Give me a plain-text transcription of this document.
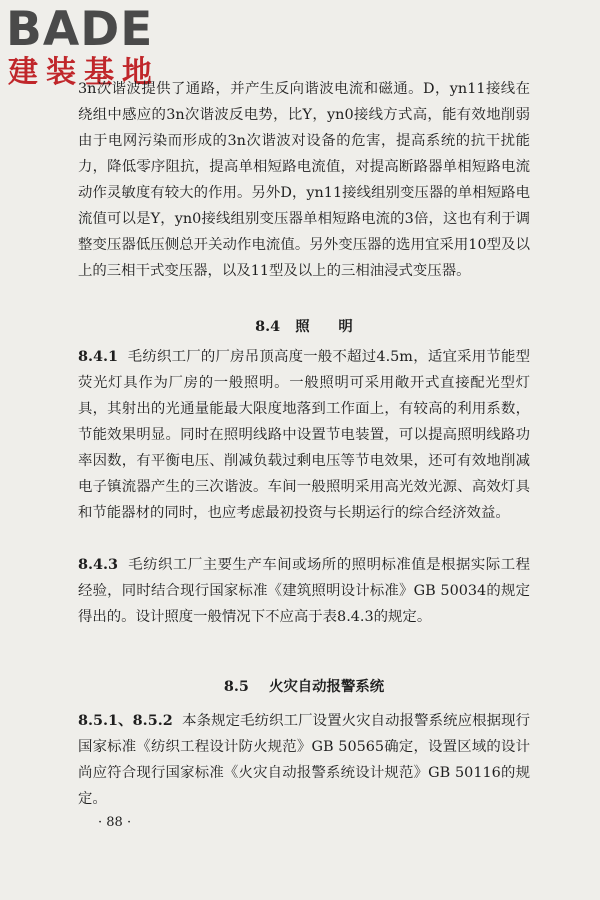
BADE
建装基地

3n次谐波提供了通路，并产生反向谐波电流和磁通。D，yn11接线在绕组中感应的3n次谐波反电势，比Y，yn0接线方式高，能有效地削弱由于电网污染而形成的3n次谐波对设备的危害，提高系统的抗干扰能力，降低零序阻抗，提高单相短路电流值，对提高断路器单相短路电流动作灵敏度有较大的作用。另外D，yn11接线组别变压器的单相短路电流值可以是Y，yn0接线组别变压器单相短路电流的3倍，这也有利于调整变压器低压侧总开关动作电流值。另外变压器的选用宜采用10型及以上的三相干式变压器，以及11型及以上的三相油浸式变压器。

8.4 照　　明

8.4.1 毛纺织工厂的厂房吊顶高度一般不超过4.5m，适宜采用节能型荧光灯具作为厂房的一般照明。一般照明可采用敞开式直接配光型灯具，其射出的光通量能最大限度地落到工作面上，有较高的利用系数，节能效果明显。同时在照明线路中设置节电装置，可以提高照明线路功率因数，有平衡电压、削减负载过剩电压等节电效果，还可有效地削减电子镇流器产生的三次谐波。车间一般照明采用高光效光源、高效灯具和节能器材的同时，也应考虑最初投资与长期运行的综合经济效益。

8.4.3 毛纺织工厂主要生产车间或场所的照明标准值是根据实际工程经验，同时结合现行国家标准《建筑照明设计标准》GB 50034的规定得出的。设计照度一般情况下不应高于表8.4.3的规定。

8.5 火灾自动报警系统

8.5.1、8.5.2 本条规定毛纺织工厂设置火灾自动报警系统应根据现行国家标准《纺织工程设计防火规范》GB 50565确定，设置区域的设计尚应符合现行国家标准《火灾自动报警系统设计规范》GB 50116的规定。

· 88 ·
